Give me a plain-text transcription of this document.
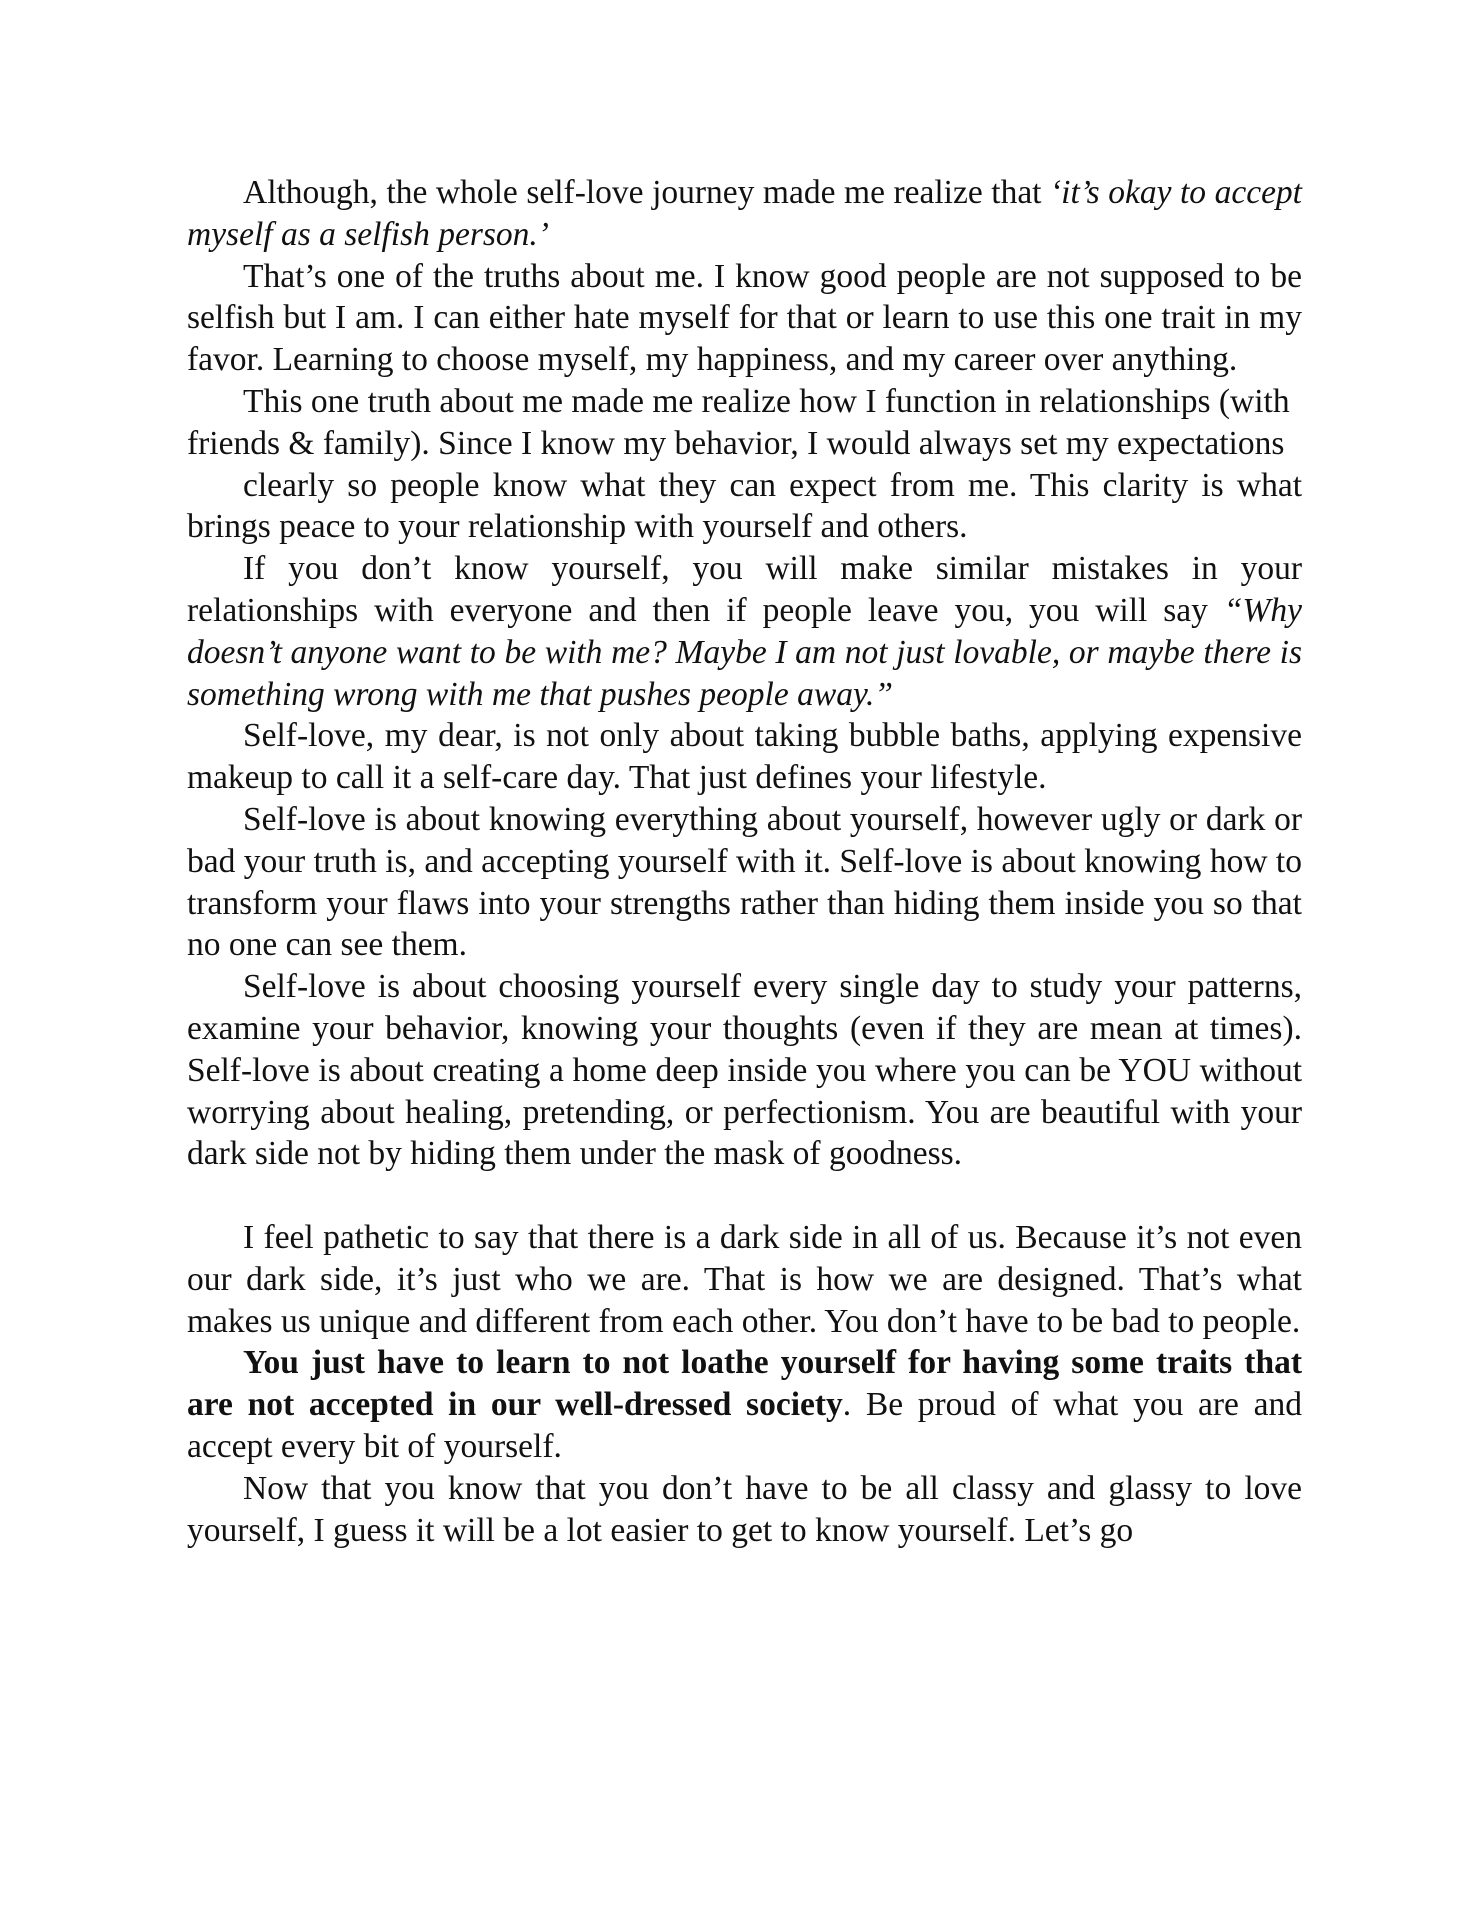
Although, the whole self-love journey made me realize that ‘it’s okay to accept myself as a selfish person.’

That’s one of the truths about me. I know good people are not supposed to be selfish but I am. I can either hate myself for that or learn to use this one trait in my favor. Learning to choose myself, my happiness, and my career over anything.

This one truth about me made me realize how I function in relationships (with friends & family). Since I know my behavior, I would always set my expectations

clearly so people know what they can expect from me. This clarity is what brings peace to your relationship with yourself and others.

If you don’t know yourself, you will make similar mistakes in your relationships with everyone and then if people leave you, you will say “Why doesn’t anyone want to be with me? Maybe I am not just lovable, or maybe there is something wrong with me that pushes people away.”

Self-love, my dear, is not only about taking bubble baths, applying expensive makeup to call it a self-care day. That just defines your lifestyle.

Self-love is about knowing everything about yourself, however ugly or dark or bad your truth is, and accepting yourself with it. Self-love is about knowing how to transform your flaws into your strengths rather than hiding them inside you so that no one can see them.

Self-love is about choosing yourself every single day to study your patterns, examine your behavior, knowing your thoughts (even if they are mean at times). Self-love is about creating a home deep inside you where you can be YOU without worrying about healing, pretending, or perfectionism. You are beautiful with your dark side not by hiding them under the mask of goodness.

I feel pathetic to say that there is a dark side in all of us. Because it’s not even our dark side, it’s just who we are. That is how we are designed. That’s what makes us unique and different from each other. You don’t have to be bad to people.

You just have to learn to not loathe yourself for having some traits that are not accepted in our well-dressed society. Be proud of what you are and accept every bit of yourself.

Now that you know that you don’t have to be all classy and glassy to love yourself, I guess it will be a lot easier to get to know yourself. Let’s go
